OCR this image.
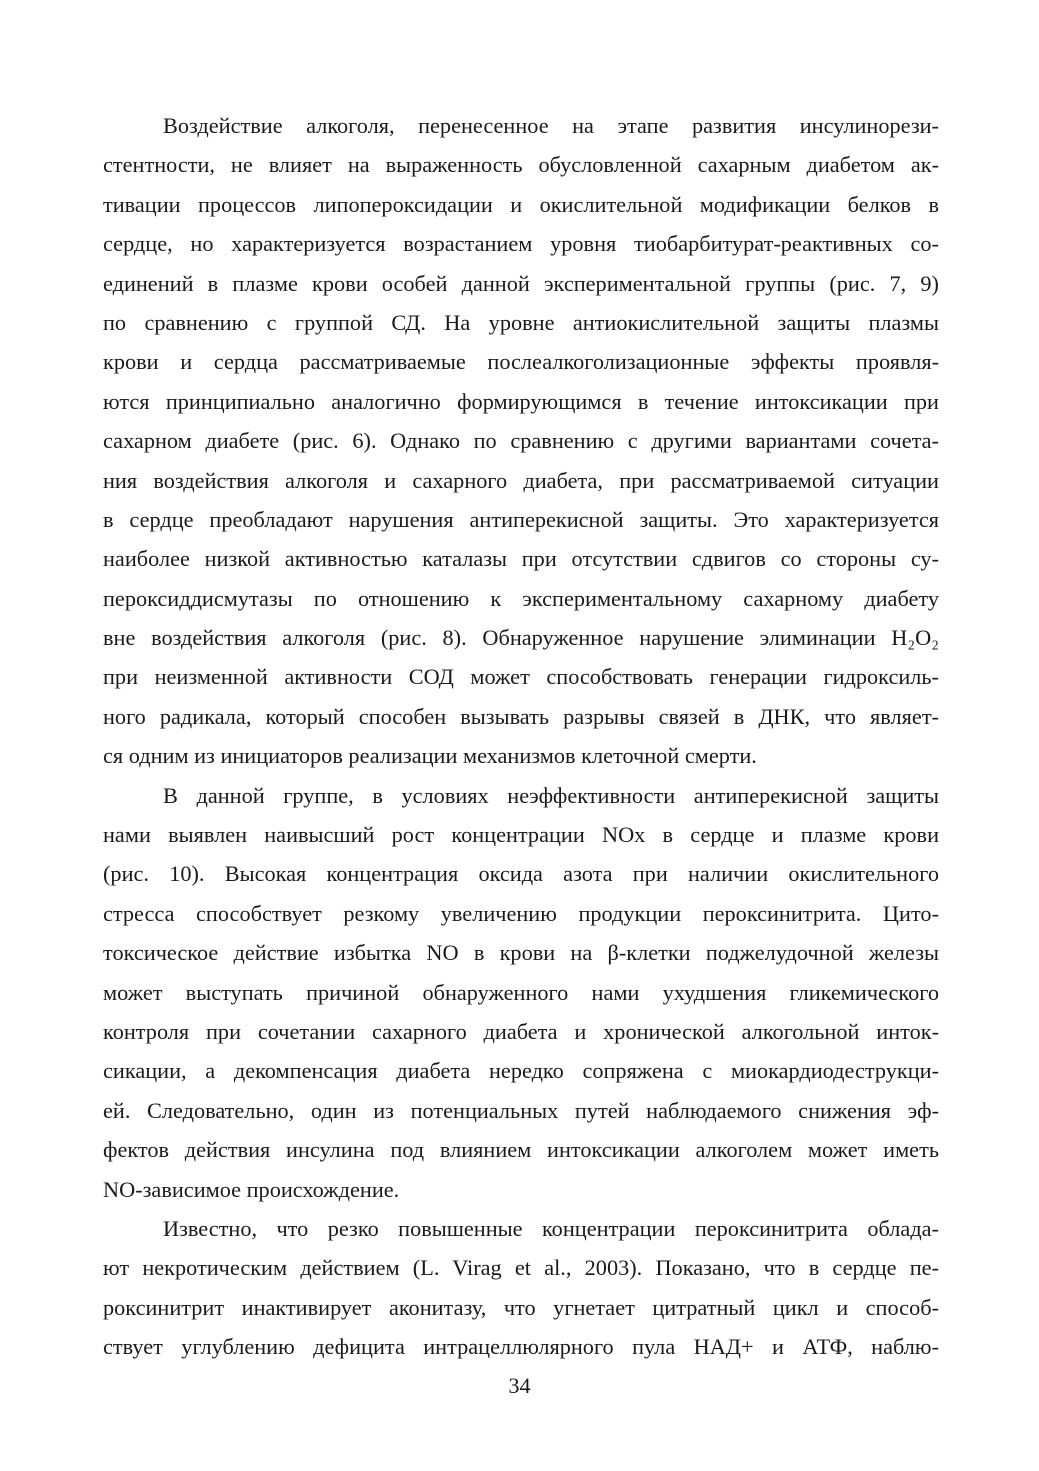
Воздействие алкоголя, перенесенное на этапе развития инсулинорези-
стентности, не влияет на выраженность обусловленной сахарным диабетом ак-
тивации процессов липопероксидации и окислительной модификации белков в
сердце, но характеризуется возрастанием уровня тиобарбитурат-реактивных со-
единений в плазме крови особей данной экспериментальной группы (рис. 7, 9)
по сравнению с группой СД. На уровне антиокислительной защиты плазмы
крови и сердца рассматриваемые послеалкоголизационные эффекты проявля-
ются принципиально аналогично формирующимся в течение интоксикации при
сахарном диабете (рис. 6). Однако по сравнению с другими вариантами сочета-
ния воздействия алкоголя и сахарного диабета, при рассматриваемой ситуации
в сердце преобладают нарушения антиперекисной защиты. Это характеризуется
наиболее низкой активностью каталазы при отсутствии сдвигов со стороны су-
пероксиддисмутазы по отношению к экспериментальному сахарному диабету
вне воздействия алкоголя (рис. 8). Обнаруженное нарушение элиминации H₂O₂
при неизменной активности СОД может способствовать генерации гидроксиль-
ного радикала, который способен вызывать разрывы связей в ДНК, что являет-
ся одним из инициаторов реализации механизмов клеточной смерти.
В данной группе, в условиях неэффективности антиперекисной защиты
нами выявлен наивысший рост концентрации NOx в сердце и плазме крови
(рис. 10). Высокая концентрация оксида азота при наличии окислительного
стресса способствует резкому увеличению продукции пероксинитрита. Цито-
токсическое действие избытка NO в крови на β-клетки поджелудочной железы
может выступать причиной обнаруженного нами ухудшения гликемического
контроля при сочетании сахарного диабета и хронической алкогольной инток-
сикации, а декомпенсация диабета нередко сопряжена с миокардиодеструкци-
ей. Следовательно, один из потенциальных путей наблюдаемого снижения эф-
фектов действия инсулина под влиянием интоксикации алкоголем может иметь
NO-зависимое происхождение.
Известно, что резко повышенные концентрации пероксинитрита облада-
ют некротическим действием (L. Virag et al., 2003). Показано, что в сердце пе-
роксинитрит инактивирует аконитазу, что угнетает цитратный цикл и способ-
ствует углублению дефицита интрацеллюлярного пула НАД+ и АТФ, наблю-
34
